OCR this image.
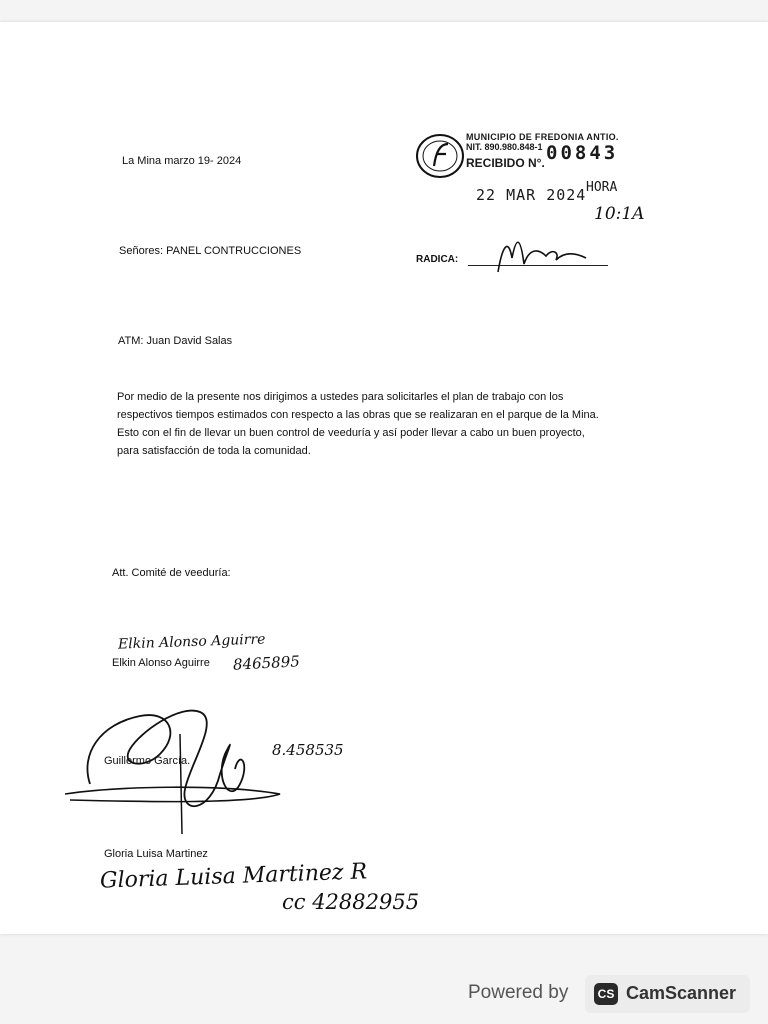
La Mina marzo 19- 2024
Señores: PANEL CONTRUCCIONES
ATM: Juan David Salas
Por medio de la presente nos dirigimos a ustedes para solicitarles el plan de trabajo con los
respectivos tiempos estimados con respecto a las obras que se realizaran en el parque de la Mina.
Esto con el fin de llevar un buen control de veeduría y así poder llevar a cabo un buen proyecto,
para satisfacción de toda la comunidad.
Att. Comité de veeduría:
Elkin Alonso Aguirre
Elkin Alonso Aguirre 8465895
Guillermo García.
8.458535
Gloria Luisa Martinez
Gloria Luisa Martinez R
cc 42882955
MUNICIPIO DE FREDONIA ANTIO.
NIT. 890.980.848-1
RECIBIDO N°. 00843
22 MAR 2024 HORA
10:1A
RADICA:
Powered by	CS CamScanner
